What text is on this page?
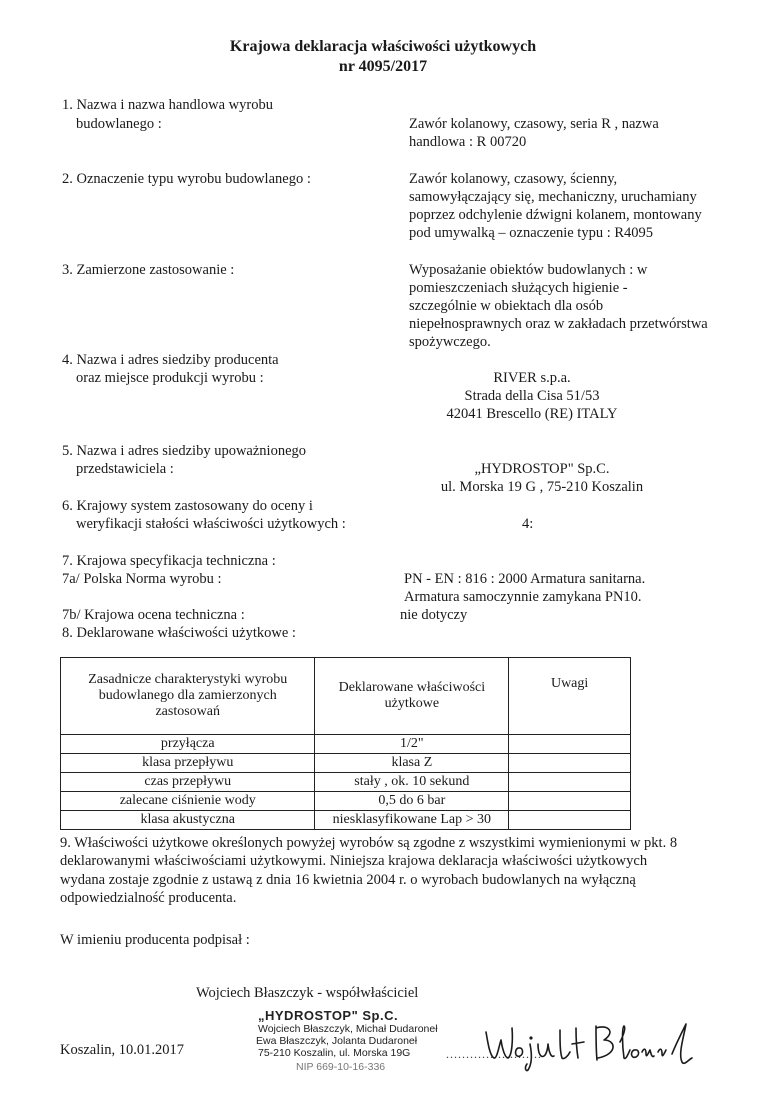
Krajowa deklaracja właściwości użytkowych
nr 4095/2017
1. Nazwa i nazwa handlowa wyrobu
budowlanego :	Zawór kolanowy, czasowy, seria R , nazwa
handlowa : R 00720
2. Oznaczenie typu wyrobu budowlanego :	Zawór kolanowy, czasowy, ścienny,
samowyłączający się, mechaniczny, uruchamiany
poprzez odchylenie dźwigni kolanem, montowany
pod umywalką – oznaczenie typu : R4095
3. Zamierzone zastosowanie :	Wyposażanie obiektów budowlanych : w
pomieszczeniach służących higienie -
szczególnie w obiektach dla osób
niepełnosprawnych oraz w zakładach przetwórstwa
spożywczego.
4. Nazwa i adres siedziby producenta
oraz miejsce produkcji wyrobu :	RIVER s.p.a.
Strada della Cisa 51/53
42041 Brescello (RE) ITALY
5. Nazwa i adres siedziby upoważnionego
przedstawiciela :	„HYDROSTOP" Sp.C.
ul. Morska 19 G , 75-210 Koszalin
6. Krajowy system zastosowany do oceny i
weryfikacji stałości właściwości użytkowych :	4:
7. Krajowa specyfikacja techniczna :
7a/ Polska Norma wyrobu :	PN - EN : 816 : 2000 Armatura sanitarna.
Armatura samoczynnie zamykana PN10.
7b/ Krajowa ocena techniczna :	nie dotyczy
8. Deklarowane właściwości użytkowe :
Zasadnicze charakterystyki wyrobu budowlanego dla zamierzonych zastosowań	Deklarowane właściwości użytkowe	Uwagi
przyłącza	1/2"	
klasa przepływu	klasa Z	
czas przepływu	stały , ok. 10 sekund	
zalecane ciśnienie wody	0,5 do 6 bar	
klasa akustyczna	niesklasyfikowane Lap > 30	
9. Właściwości użytkowe określonych powyżej wyrobów są zgodne z wszystkimi wymienionymi w pkt. 8
deklarowanymi właściwościami użytkowymi. Niniejsza krajowa deklaracja właściwości użytkowych
wydana zostaje zgodnie z ustawą z dnia 16 kwietnia 2004 r. o wyrobach budowlanych na wyłączną
odpowiedzialność producenta.
W imieniu producenta podpisał :
Wojciech Błaszczyk - współwłaściciel
Koszalin, 10.01.2017
„HYDROSTOP" Sp.C.
Wojciech Błaszczyk, Michał Dudaroneł
Ewa Błaszczyk, Jolanta Dudaroneł
75-210 Koszalin, ul. Morska 19G
NIP 669-10-16-336
........................
